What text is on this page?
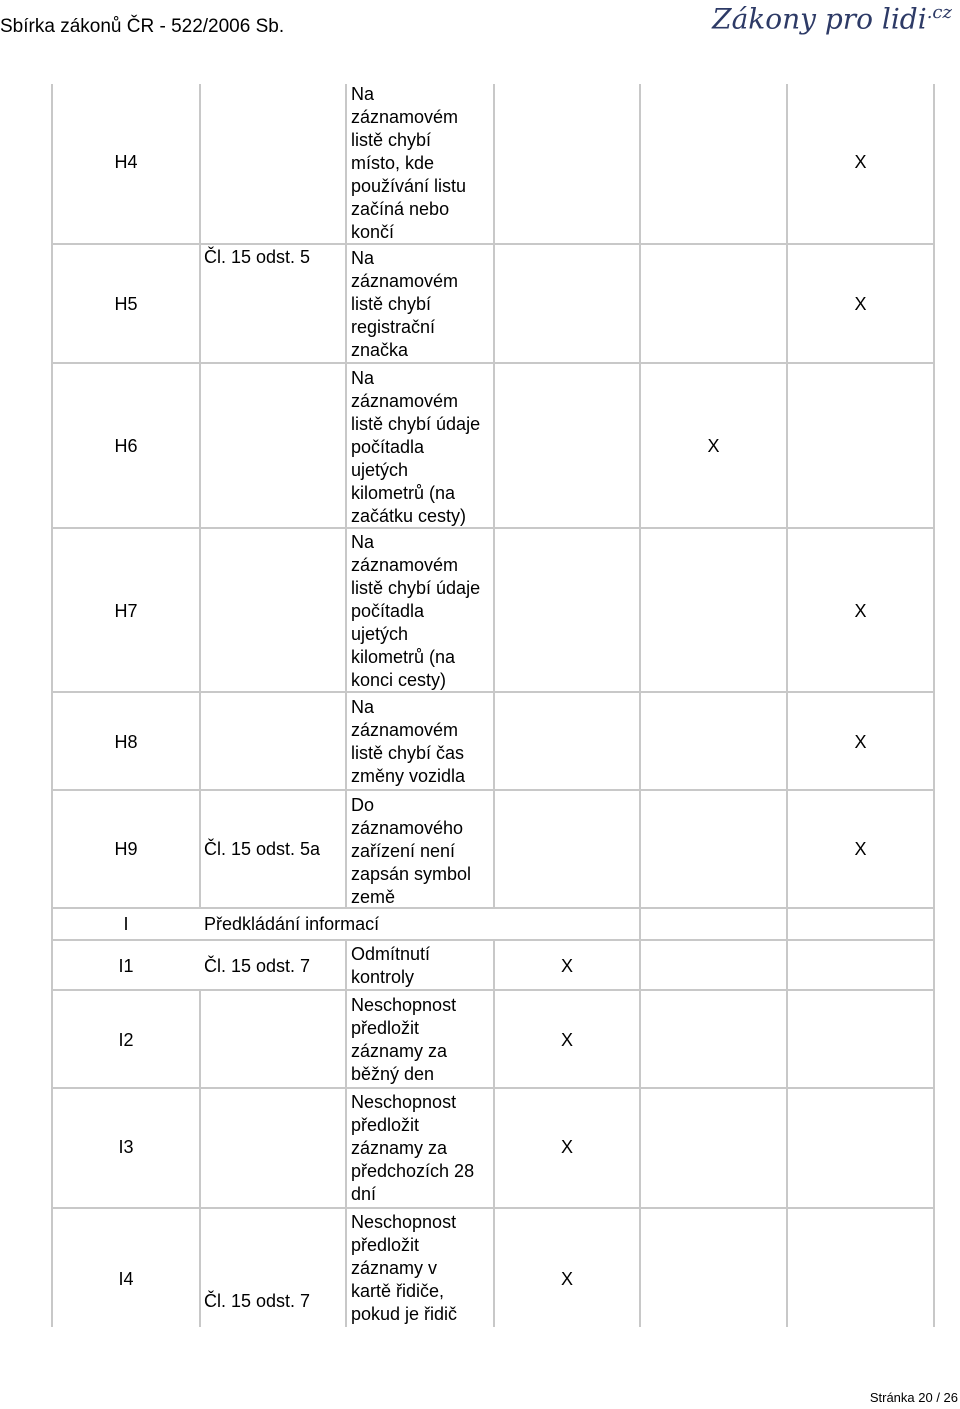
Sbírka zákonů ČR - 522/2006 Sb.	Zákony pro lidi$^{.cz}$
H4
H5
H6
H7
H8
H9
I
I1
I2
I3
I4
Čl. 15 odst. 5
Čl. 15 odst. 5a
Předkládání informací
Čl. 15 odst. 7
Čl. 15 odst. 7
Na
záznamovém
listě chybí
místo, kde
používání listu
začíná nebo
končí
Na
záznamovém
listě chybí
registrační
značka
Na
záznamovém
listě chybí údaje
počítadla
ujetých
kilometrů (na
začátku cesty)
Na
záznamovém
listě chybí údaje
počítadla
ujetých
kilometrů (na
konci cesty)
Na
záznamovém
listě chybí čas
změny vozidla
Do
záznamového
zařízení není
zapsán symbol
země
Odmítnutí
kontroly
Neschopnost
předložit
záznamy za
běžný den
Neschopnost
předložit
záznamy za
předchozích 28
dní
Neschopnost
předložit
záznamy v
kartě řidiče,
pokud je řidič
X
X
X
X
X
X
X
X
X
X
Stránka 20 / 26
